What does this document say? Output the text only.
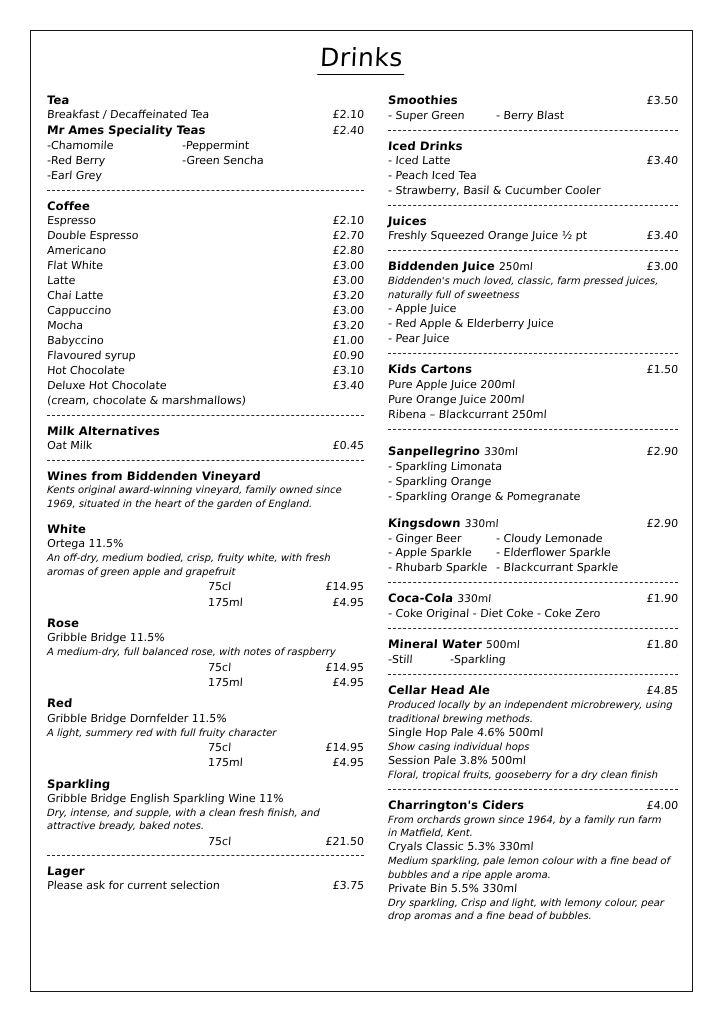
Drinks
Tea
Breakfast / Decaffeinated Tea	£2.10
Mr Ames Speciality Teas	£2.40
-Chamomile	-Peppermint
-Red Berry	-Green Sencha
-Earl Grey
Coffee
Espresso	£2.10
Double Espresso	£2.70
Americano	£2.80
Flat White	£3.00
Latte	£3.00
Chai Latte	£3.20
Cappuccino	£3.00
Mocha	£3.20
Babyccino	£1.00
Flavoured syrup	£0.90
Hot Chocolate	£3.10
Deluxe Hot Chocolate	£3.40
(cream, chocolate & marshmallows)
Milk Alternatives
Oat Milk	£0.45
Wines from Biddenden Vineyard
Kents original award-winning vineyard, family owned since
1969, situated in the heart of the garden of England.
White
Ortega 11.5%
An off-dry, medium bodied, crisp, fruity white, with fresh
aromas of green apple and grapefruit
75cl	£14.95
175ml	£4.95
Rose
Gribble Bridge 11.5%
A medium-dry, full balanced rose, with notes of raspberry
75cl	£14.95
175ml	£4.95
Red
Gribble Bridge Dornfelder 11.5%
A light, summery red with full fruity character
75cl	£14.95
175ml	£4.95
Sparkling
Gribble Bridge English Sparkling Wine 11%
Dry, intense, and supple, with a clean fresh finish, and
attractive bready, baked notes.
75cl	£21.50
Lager
Please ask for current selection	£3.75
Smoothies	£3.50
- Super Green	- Berry Blast
Iced Drinks
- Iced Latte	£3.40
- Peach Iced Tea
- Strawberry, Basil & Cucumber Cooler
Juices
Freshly Squeezed Orange Juice ½ pt	£3.40
Biddenden Juice 250ml	£3.00
Biddenden's much loved, classic, farm pressed juices,
naturally full of sweetness
- Apple Juice
- Red Apple & Elderberry Juice
- Pear Juice
Kids Cartons	£1.50
Pure Apple Juice 200ml
Pure Orange Juice 200ml
Ribena – Blackcurrant 250ml
Sanpellegrino 330ml	£2.90
- Sparkling Limonata
- Sparkling Orange
- Sparkling Orange & Pomegranate
Kingsdown 330ml	£2.90
- Ginger Beer	- Cloudy Lemonade
- Apple Sparkle	- Elderflower Sparkle
- Rhubarb Sparkle - Blackcurrant Sparkle
Coca-Cola 330ml	£1.90
- Coke Original - Diet Coke - Coke Zero
Mineral Water 500ml	£1.80
-Still	-Sparkling
Cellar Head Ale	£4.85
Produced locally by an independent microbrewery, using
traditional brewing methods.
Single Hop Pale 4.6% 500ml
Show casing individual hops
Session Pale 3.8% 500ml
Floral, tropical fruits, gooseberry for a dry clean finish
Charrington's Ciders	£4.00
From orchards grown since 1964, by a family run farm
in Matfield, Kent.
Cryals Classic 5.3% 330ml
Medium sparkling, pale lemon colour with a fine bead of
bubbles and a ripe apple aroma.
Private Bin 5.5% 330ml
Dry sparkling, Crisp and light, with lemony colour, pear
drop aromas and a fine bead of bubbles.
